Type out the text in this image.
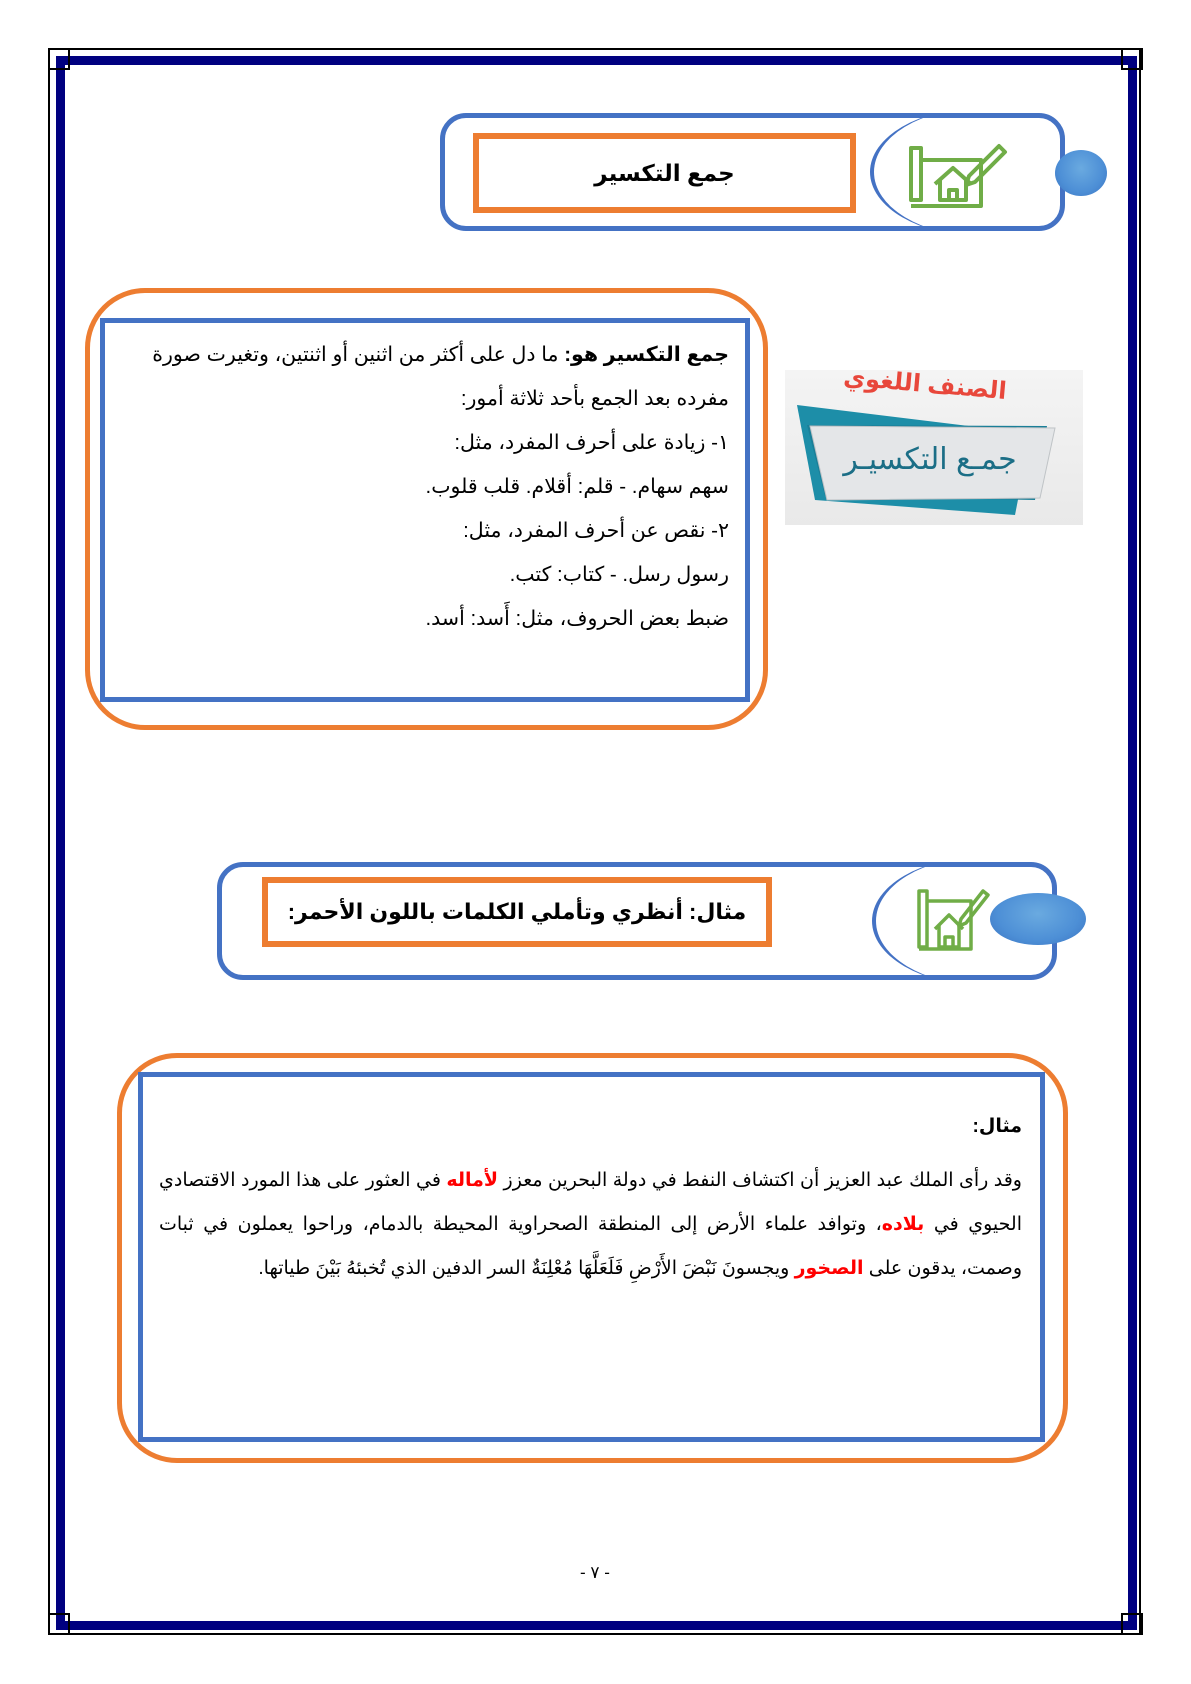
جمع التكسير

جمع التكسير هو: ما دل على أكثر من اثنين أو اثنتين، وتغيرت صورة

مفرده بعد الجمع بأحد ثلاثة أمور:

١- زيادة على أحرف المفرد، مثل:

سهم سهام. - قلم: أقلام. قلب قلوب.

٢- نقص عن أحرف المفرد، مثل:

رسول رسل. - كتاب: كتب.

ضبط بعض الحروف، مثل: أَسد: أسد.

الصنف اللغوي
جمـع التكسيـر
مثال: أنظري وتأملي الكلمات باللون الأحمر:

مثال:

وقد رأى الملك عبد العزيز أن اكتشاف النفط في دولة البحرين معزز لأماله في العثور على هذا المورد الاقتصادي الحيوي في بلاده، وتوافد علماء الأرض إلى المنطقة الصحراوية المحيطة بالدمام، وراحوا يعملون في ثبات وصمت، يدقون على الصخور ويجسونَ نَبْضَ الأَرْضِ فَلَعَلَّهَا مُعْلِنَةٌ السر الدفين الذي تُخبئهُ بَيْنَ طياتها.

- ٧ -
